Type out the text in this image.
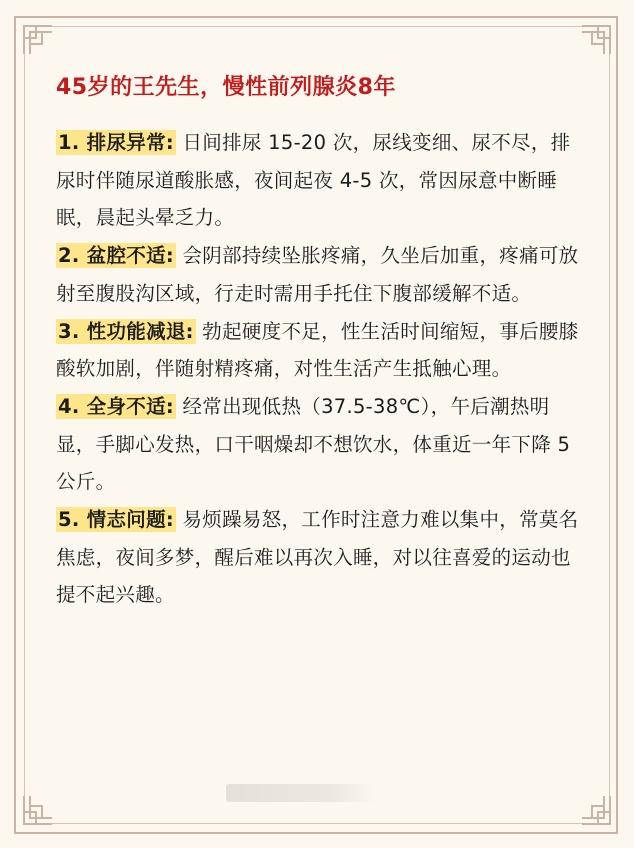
45岁的王先生，慢性前列腺炎8年

1. 排尿异常: 日间排尿 15-20 次，尿线变细、尿不尽，排尿时伴随尿道酸胀感，夜间起夜 4-5 次，常因尿意中断睡眠，晨起头晕乏力。

2. 盆腔不适: 会阴部持续坠胀疼痛，久坐后加重，疼痛可放射至腹股沟区域，行走时需用手托住下腹部缓解不适。

3. 性功能减退: 勃起硬度不足，性生活时间缩短，事后腰膝酸软加剧，伴随射精疼痛，对性生活产生抵触心理。

4. 全身不适: 经常出现低热（37.5-38℃），午后潮热明显，手脚心发热，口干咽燥却不想饮水，体重近一年下降 5 公斤。

5. 情志问题: 易烦躁易怒，工作时注意力难以集中，常莫名焦虑，夜间多梦，醒后难以再次入睡，对以往喜爱的运动也提不起兴趣。
